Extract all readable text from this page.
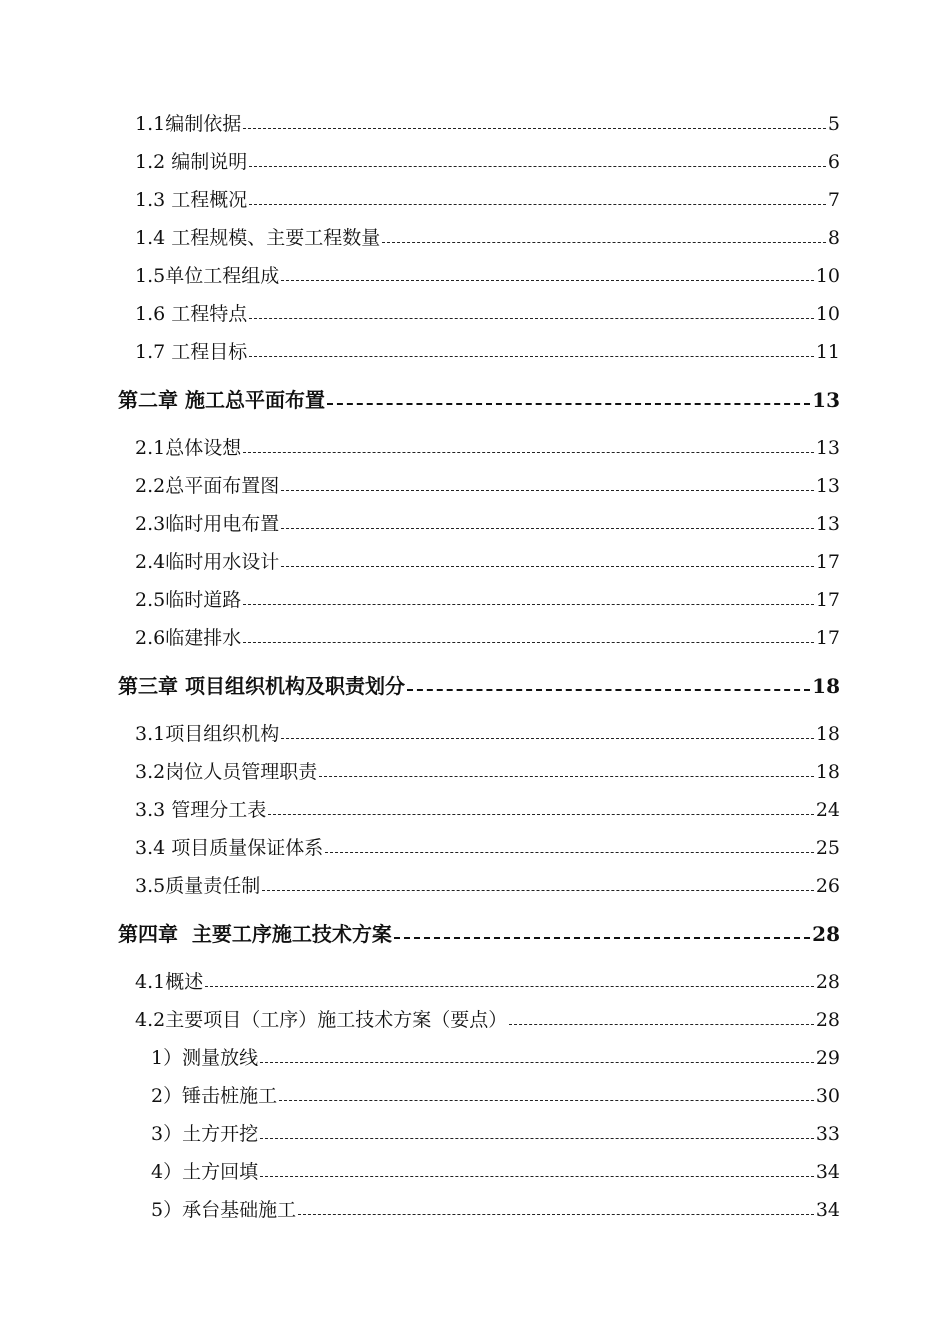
1.1编制依据	5
1.2 编制说明	6
1.3 工程概况	7
1.4 工程规模、主要工程数量	8
1.5单位工程组成	10
1.6 工程特点	10
1.7 工程目标	11
第二章 施工总平面布置	13
2.1总体设想	13
2.2总平面布置图	13
2.3临时用电布置	13
2.4临时用水设计	17
2.5临时道路	17
2.6临建排水	17
第三章 项目组织机构及职责划分	18
3.1项目组织机构	18
3.2岗位人员管理职责	18
3.3 管理分工表	24
3.4 项目质量保证体系	25
3.5质量责任制	26
第四章  主要工序施工技术方案	28
4.1概述	28
4.2主要项目（工序）施工技术方案（要点）	28
1）测量放线	29
2）锤击桩施工	30
3）土方开挖	33
4）土方回填	34
5）承台基础施工	34
